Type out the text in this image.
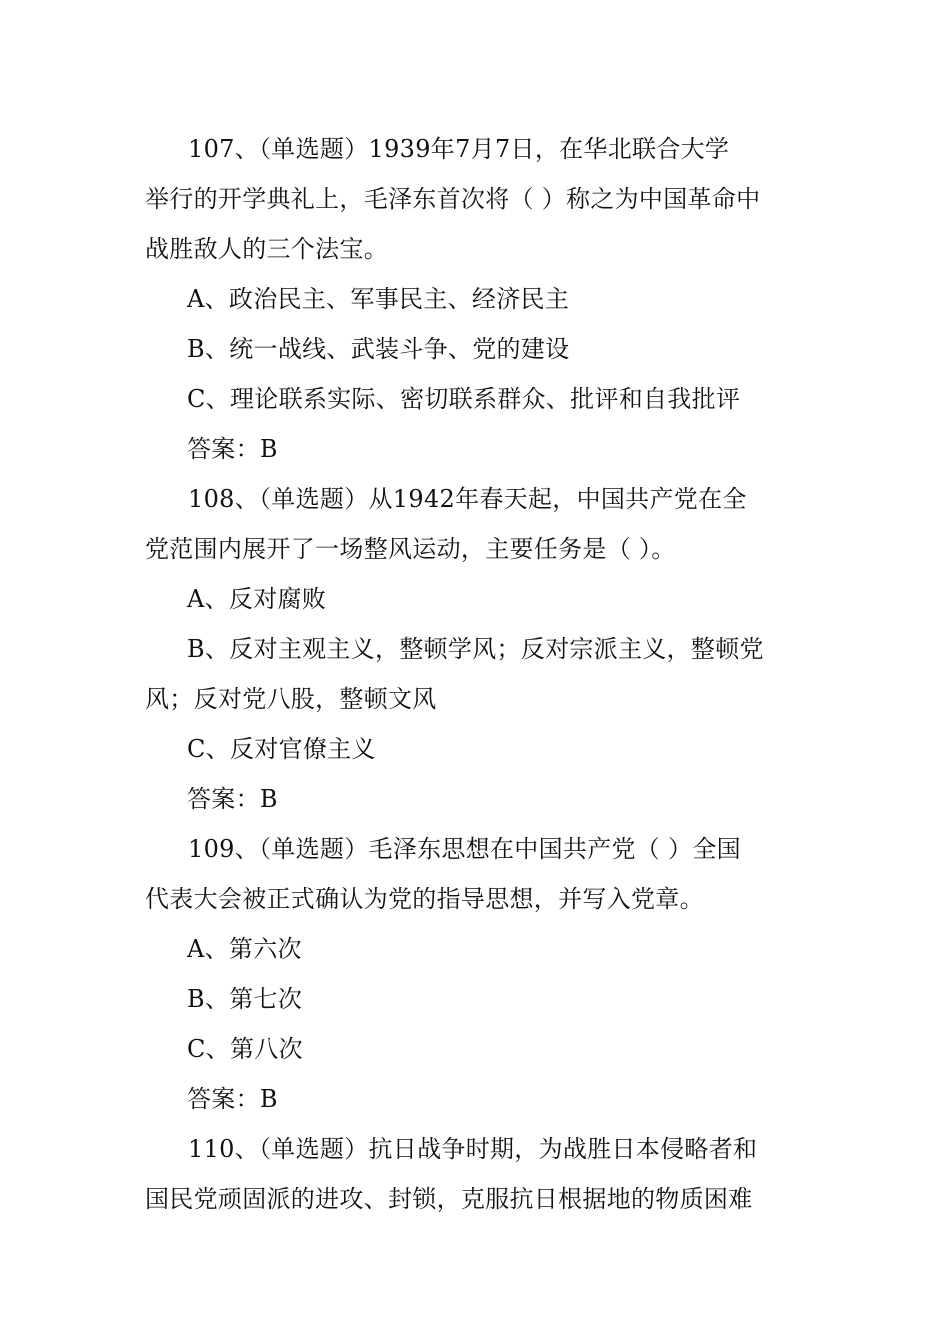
107、（单选题）1939年7月7日，在华北联合大学
举行的开学典礼上，毛泽东首次将（ ）称之为中国革命中
战胜敌人的三个法宝。
A、政治民主、军事民主、经济民主
B、统一战线、武装斗争、党的建设
C、理论联系实际、密切联系群众、批评和自我批评
答案：B
108、（单选题）从1942年春天起，中国共产党在全
党范围内展开了一场整风运动，主要任务是（ ）。
A、反对腐败
B、反对主观主义，整顿学风；反对宗派主义，整顿党
风；反对党八股，整顿文风
C、反对官僚主义
答案：B
109、（单选题）毛泽东思想在中国共产党（ ）全国
代表大会被正式确认为党的指导思想，并写入党章。
A、第六次
B、第七次
C、第八次
答案：B
110、（单选题）抗日战争时期，为战胜日本侵略者和
国民党顽固派的进攻、封锁，克服抗日根据地的物质困难
